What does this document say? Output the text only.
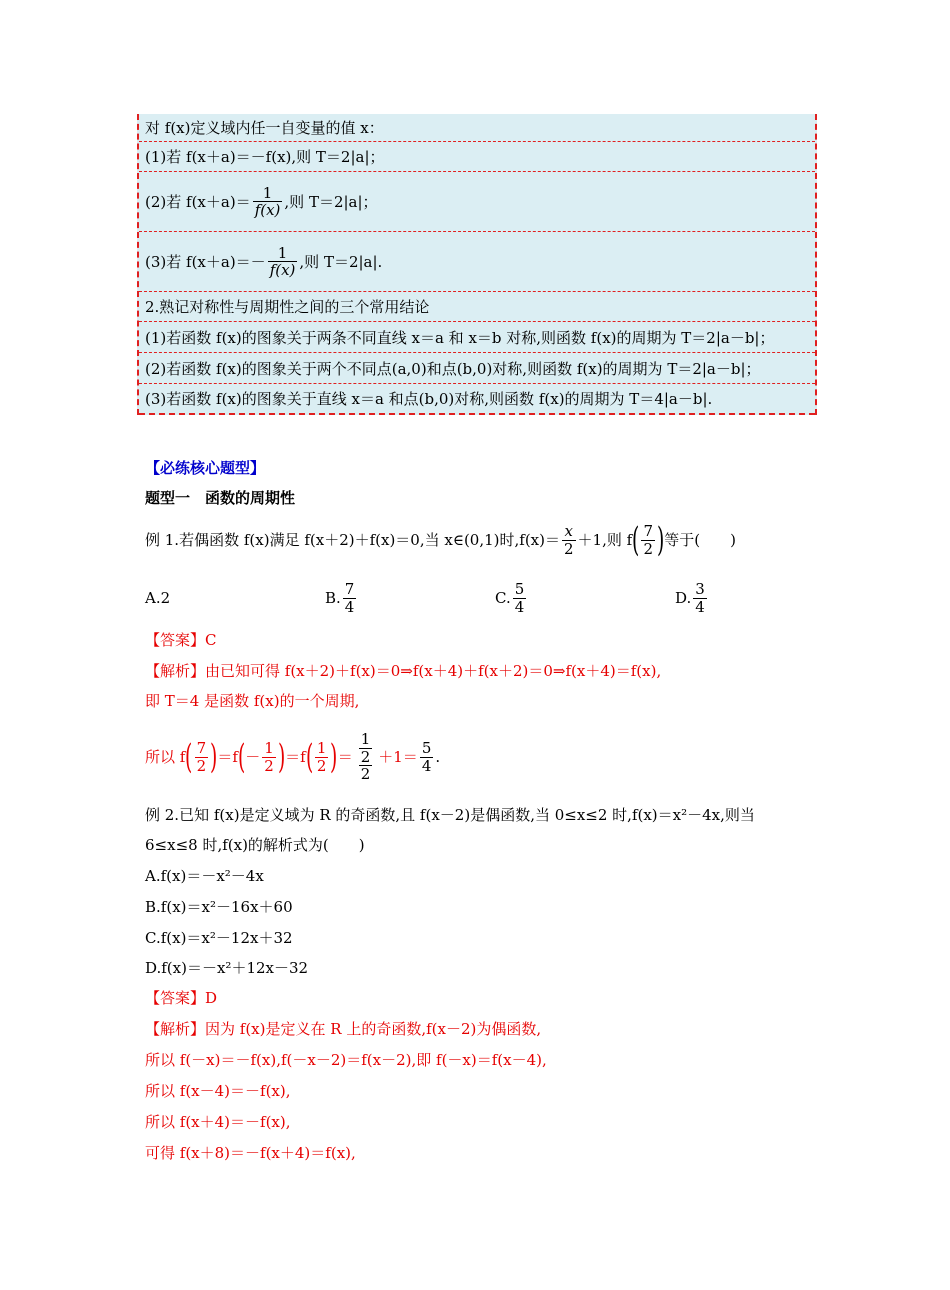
对 f(x)定义域内任一自变量的值 x：
(1)若 f(x＋a)＝－f(x),则 T＝2|a|；
(2)若 $f(x+a)= \frac{1}{f(x)}$ ,则 T＝2|a|；
(3)若 $f(x+a)=- \frac{1}{f(x)}$ ,则 T＝2|a|.
2.熟记对称性与周期性之间的三个常用结论
(1)若函数 f(x)的图象关于两条不同直线 x＝a 和 x＝b 对称,则函数 f(x)的周期为 T＝2|a－b|；
(2)若函数 f(x)的图象关于两个不同点(a,0)和点(b,0)对称,则函数 f(x)的周期为 T＝2|a－b|；
(3)若函数 f(x)的图象关于直线 x＝a 和点(b,0)对称,则函数 f(x)的周期为 T＝4|a－b|.
【必练核心题型】
题型一　函数的周期性
例 1.若偶函数 f(x)满足 f(x＋2)＋f(x)＝0,当 x∈(0,1)时$,f(x)= \frac{x}{2} +1$,则 f ( $\frac{7}{2}$ ) 等于(　　)
A.2	B. $\frac{7}{4}$	C. $\frac{5}{4}$	D. $\frac{3}{4}$
【答案】C
【解析】由已知可得 f(x＋2)＋f(x)＝0⇒f(x＋4)＋f(x＋2)＝0⇒f(x＋4)＝f(x),
即 T＝4 是函数 f(x)的一个周期,
所以 f ( $\frac{7}{2}$ ) ＝f ( － $\frac{1}{2}$ ) ＝f ( $\frac{1}{2}$ ) ＝ $\frac{\frac{1}{2}}{2} +1= \frac{5}{4}$ .
例 2.已知 f(x)是定义域为 R 的奇函数,且 f(x－2)是偶函数,当 0≤x≤2 时,f(x)＝x²－4x,则当
6≤x≤8 时,f(x)的解析式为(　　)
A.f(x)＝－x²－4x
B.f(x)＝x²－16x＋60
C.f(x)＝x²－12x＋32
D.f(x)＝－x²＋12x－32
【答案】D
【解析】因为 f(x)是定义在 R 上的奇函数,f(x－2)为偶函数,
所以 f(－x)＝－f(x),f(－x－2)＝f(x－2),即 f(－x)＝f(x－4),
所以 f(x－4)＝－f(x),
所以 f(x＋4)＝－f(x),
可得 f(x＋8)＝－f(x＋4)＝f(x),
